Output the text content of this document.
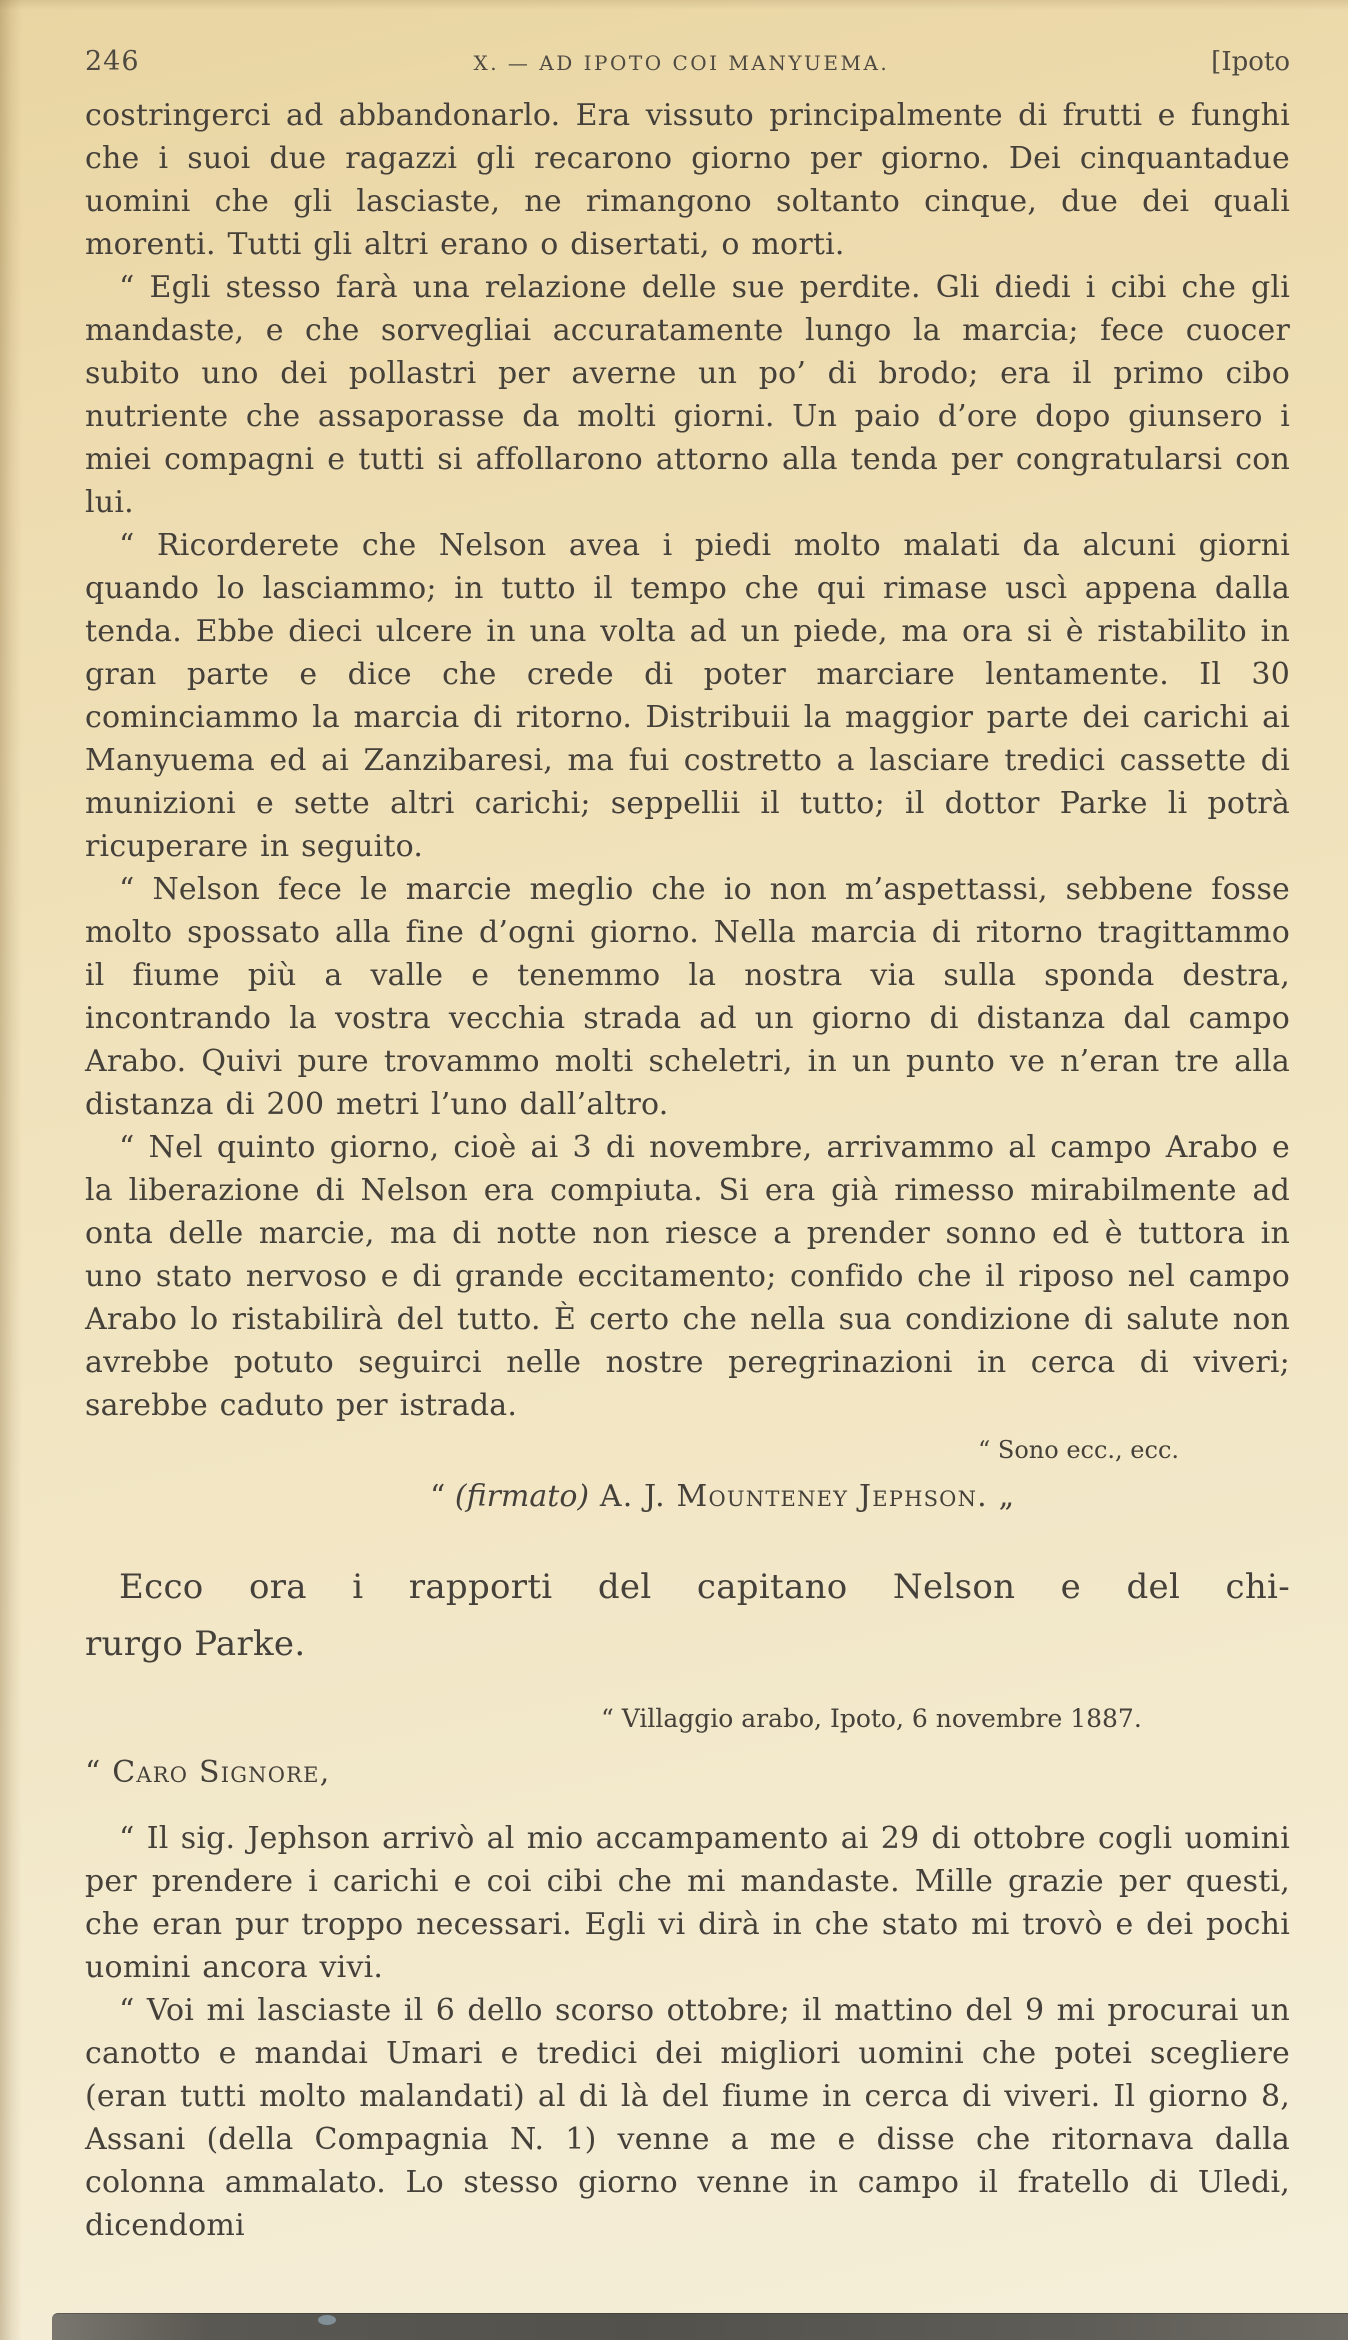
246	X. — AD IPOTO COI MANYUEMA.	[Ipoto

costringerci ad abbandonarlo. Era vissuto principalmente di frutti e funghi che i suoi due ragazzi gli recarono giorno per giorno. Dei cinquantadue uomini che gli lasciaste, ne rimangono soltanto cinque, due dei quali morenti. Tutti gli altri erano o disertati, o morti.

“ Egli stesso farà una relazione delle sue perdite. Gli diedi i cibi che gli mandaste, e che sorvegliai accuratamente lungo la marcia; fece cuocer subito uno dei pollastri per averne un po’ di brodo; era il primo cibo nutriente che assaporasse da molti giorni. Un paio d’ore dopo giunsero i miei compagni e tutti si affollarono attorno alla tenda per congratularsi con lui.

“ Ricorderete che Nelson avea i piedi molto malati da alcuni giorni quando lo lasciammo; in tutto il tempo che qui rimase uscì appena dalla tenda. Ebbe dieci ulcere in una volta ad un piede, ma ora si è ristabilito in gran parte e dice che crede di poter marciare lentamente. Il 30 cominciammo la marcia di ritorno. Distribuii la maggior parte dei carichi ai Manyuema ed ai Zanzibaresi, ma fui costretto a lasciare tredici cassette di munizioni e sette altri carichi; seppellii il tutto; il dottor Parke li potrà ricuperare in seguito.

“ Nelson fece le marcie meglio che io non m’aspettassi, sebbene fosse molto spossato alla fine d’ogni giorno. Nella marcia di ritorno tragittammo il fiume più a valle e tenemmo la nostra via sulla sponda destra, incontrando la vostra vecchia strada ad un giorno di distanza dal campo Arabo. Quivi pure trovammo molti scheletri, in un punto ve n’eran tre alla distanza di 200 metri l’uno dall’altro.

“ Nel quinto giorno, cioè ai 3 di novembre, arrivammo al campo Arabo e la liberazione di Nelson era compiuta. Si era già rimesso mirabilmente ad onta delle marcie, ma di notte non riesce a prender sonno ed è tuttora in uno stato nervoso e di grande eccitamento; confido che il riposo nel campo Arabo lo ristabilirà del tutto. È certo che nella sua condizione di salute non avrebbe potuto seguirci nelle nostre peregrinazioni in cerca di viveri; sarebbe caduto per istrada.

“ Sono ecc., ecc.

“ (firmato) A. J. Mounteney Jephson. „

Ecco ora i rapporti del capitano Nelson e del chi-
rurgo Parke.

“ Villaggio arabo, Ipoto, 6 novembre 1887.

“ Caro Signore,

“ Il sig. Jephson arrivò al mio accampamento ai 29 di ottobre cogli uomini per prendere i carichi e coi cibi che mi mandaste. Mille grazie per questi, che eran pur troppo necessari. Egli vi dirà in che stato mi trovò e dei pochi uomini ancora vivi.

“ Voi mi lasciaste il 6 dello scorso ottobre; il mattino del 9 mi procurai un canotto e mandai Umari e tredici dei migliori uomini che potei scegliere (eran tutti molto malandati) al di là del fiume in cerca di viveri. Il giorno 8, Assani (della Compagnia N. 1) venne a me e disse che ritornava dalla colonna ammalato. Lo stesso giorno venne in campo il fratello di Uledi, dicendomi
